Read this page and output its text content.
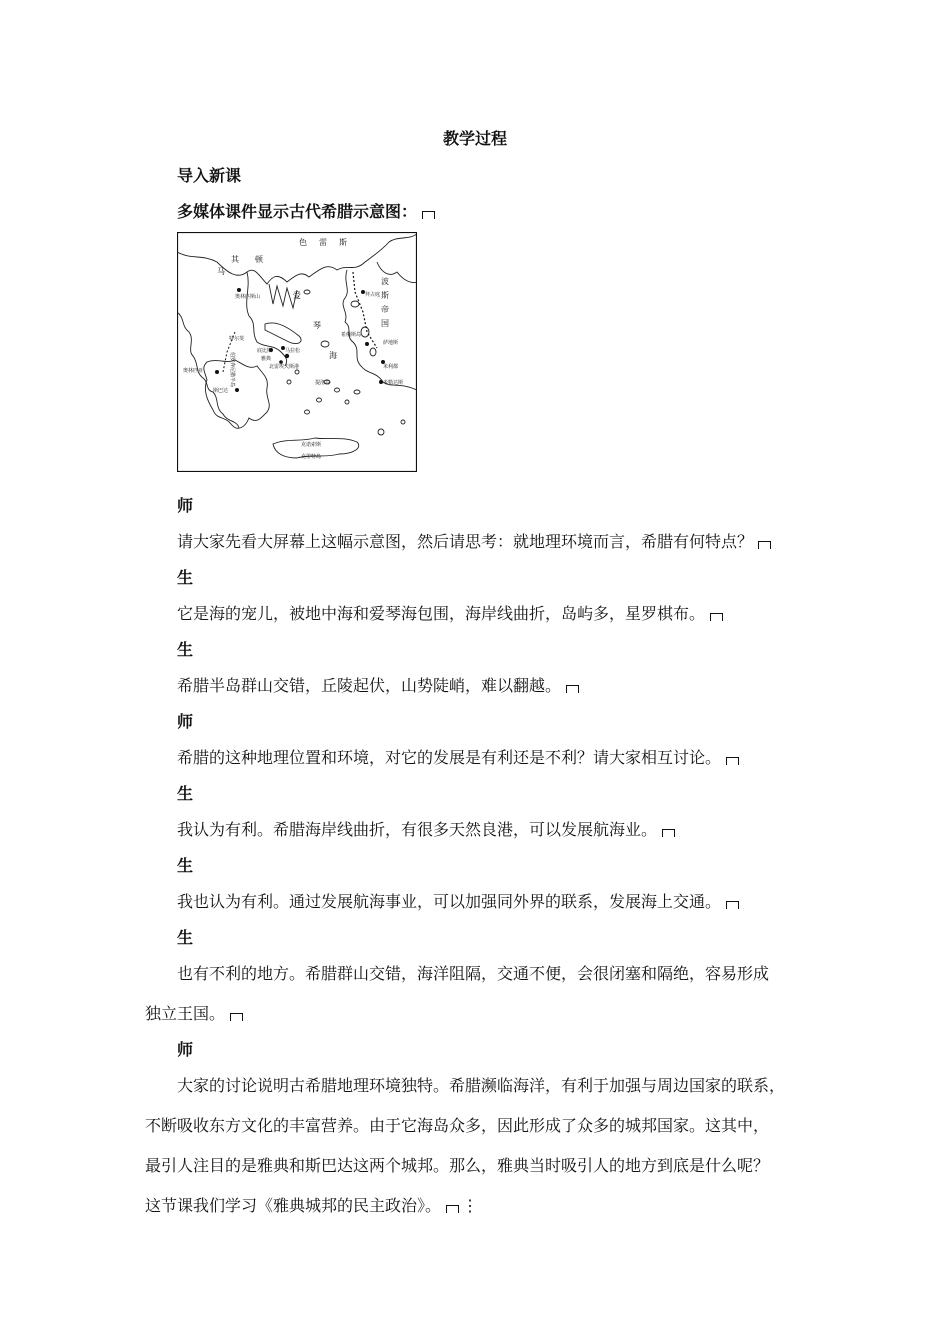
教学过程
导入新课
多媒体课件显示古代希腊示意图：
色 雷 斯
马
其 顿
奥林匹斯山	爱
琴
海
特尔斐
底比斯	马拉松
雅典
北雷埃夫斯港
奥林匹亚
斯巴达
提洛岛
希俄斯岛
萨地斯
米利都
米勒达斯
克诺索斯
克里特岛
波
斯
帝
国
拜占庭
伯罗奔尼撒半岛
师
请大家先看大屏幕上这幅示意图，然后请思考：就地理环境而言，希腊有何特点？
生
它是海的宠儿，被地中海和爱琴海包围，海岸线曲折，岛屿多，星罗棋布。
生
希腊半岛群山交错，丘陵起伏，山势陡峭，难以翻越。
师
希腊的这种地理位置和环境，对它的发展是有利还是不利？请大家相互讨论。
生
我认为有利。希腊海岸线曲折，有很多天然良港，可以发展航海业。
生
我也认为有利。通过发展航海事业，可以加强同外界的联系，发展海上交通。
生
也有不利的地方。希腊群山交错，海洋阻隔，交通不便，会很闭塞和隔绝，容易形成
独立王国。
师
大家的讨论说明古希腊地理环境独特。希腊濒临海洋，有利于加强与周边国家的联系，
不断吸收东方文化的丰富营养。由于它海岛众多，因此形成了众多的城邦国家。这其中，
最引人注目的是雅典和斯巴达这两个城邦。那么，雅典当时吸引人的地方到底是什么呢？
这节课我们学习《雅典城邦的民主政治》。 ⋮
